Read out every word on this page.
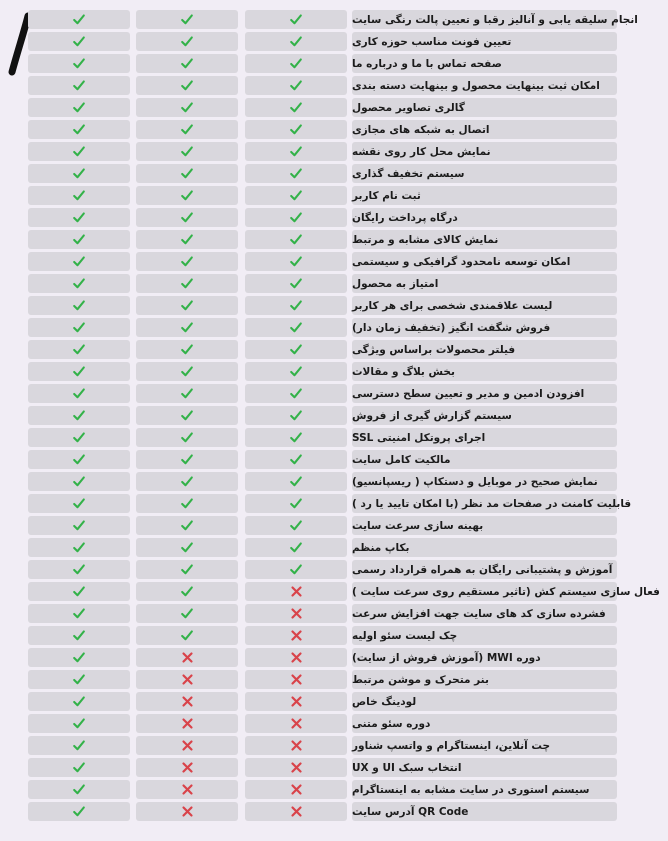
انجام سلیقه یابی و آنالیز رقبا و تعیین پالت رنگی سایت
تعیین فونت مناسب حوزه کاری
صفحه تماس با ما و درباره ما
امکان ثبت بینهایت محصول و بینهایت دسته بندی
گالری تصاویر محصول
اتصال به شبکه های مجازی
نمایش محل کار روی نقشه
سیستم تخفیف گذاری
ثبت نام کاربر
درگاه پرداخت رایگان
نمایش کالای مشابه و مرتبط
امکان توسعه نامحدود گرافیکی و سیستمی
امتیاز به محصول
لیست علاقمندی شخصی برای هر کاربر
فروش شگفت انگیز (تخفیف زمان دار)
فیلتر محصولات براساس ویژگی
بخش بلاگ و مقالات
افزودن ادمین و مدیر و تعیین سطح دسترسی
سیستم گزارش گیری از فروش
اجرای پروتکل امنیتی SSL
مالکیت کامل سایت
نمایش صحیح در موبایل و دستکاپ ( ریسپانسیو)
قابلیت کامنت در صفحات مد نظر (با امکان تایید یا رد )
بهینه سازی سرعت سایت
بکاپ منظم
آموزش و پشتیبانی رایگان به همراه قرارداد رسمی
فعال سازی سیستم کش (تاثیر مستقیم روی سرعت سایت )
فشرده سازی کد های سایت جهت افزایش سرعت
چک لیست سئو اولیه
دوره MWI (آموزش فروش از سایت)
بنر متحرک و موشن مرتبط
لودینگ خاص
دوره سئو متنی
چت آنلاین، اینستاگرام و واتسپ شناور
انتخاب سبک UI و UX
سیستم استوری در سایت مشابه به اینستاگرام
QR Code آدرس سایت
